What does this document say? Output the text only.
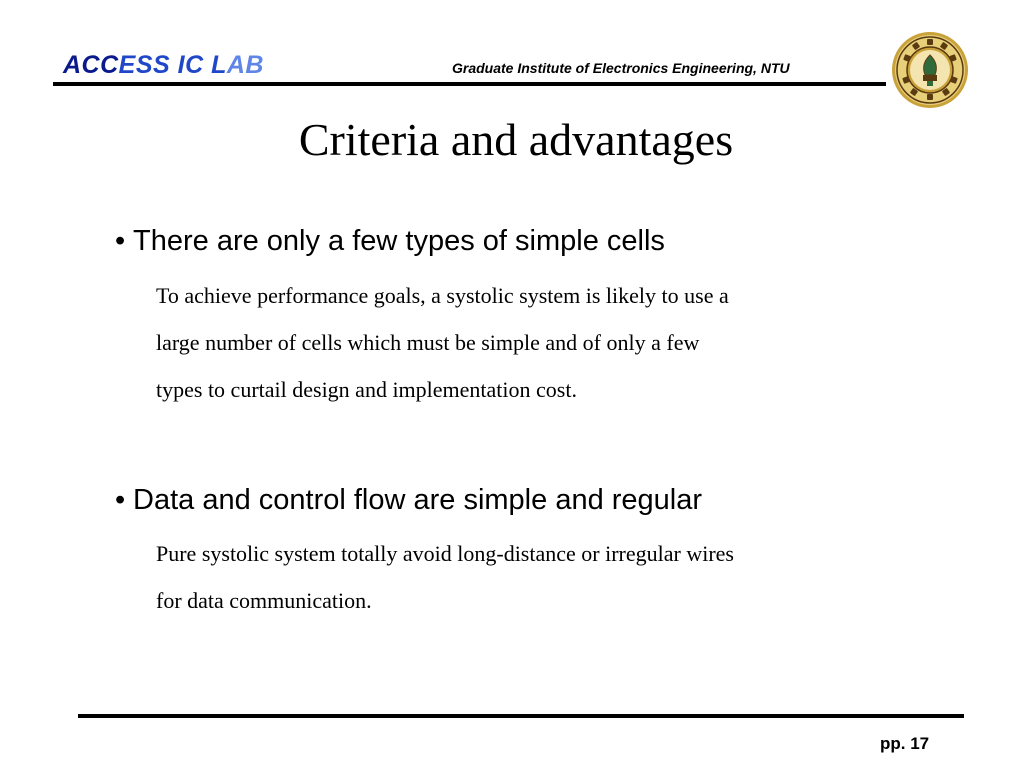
ACCESS IC LAB	Graduate Institute of Electronics Engineering, NTU
Criteria and advantages
• There are only a few types of simple cells
To achieve performance goals, a systolic system is likely to use a
large number of cells which must be simple and of only a few
types to curtail design and implementation cost.
• Data and control flow are simple and regular
Pure systolic system totally avoid long-distance or irregular wires
for data communication.
pp. 17
